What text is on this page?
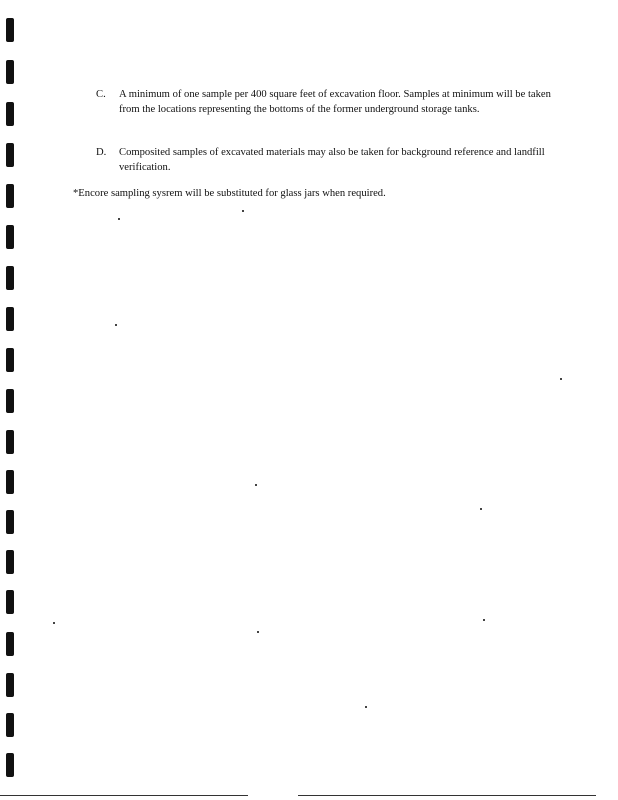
C. A minimum of one sample per 400 square feet of excavation floor. Samples at minimum will be taken from the locations representing the bottoms of the former underground storage tanks.
D. Composited samples of excavated materials may also be taken for background reference and landfill verification.
*Encore sampling sysrem will be substituted for glass jars when required.
